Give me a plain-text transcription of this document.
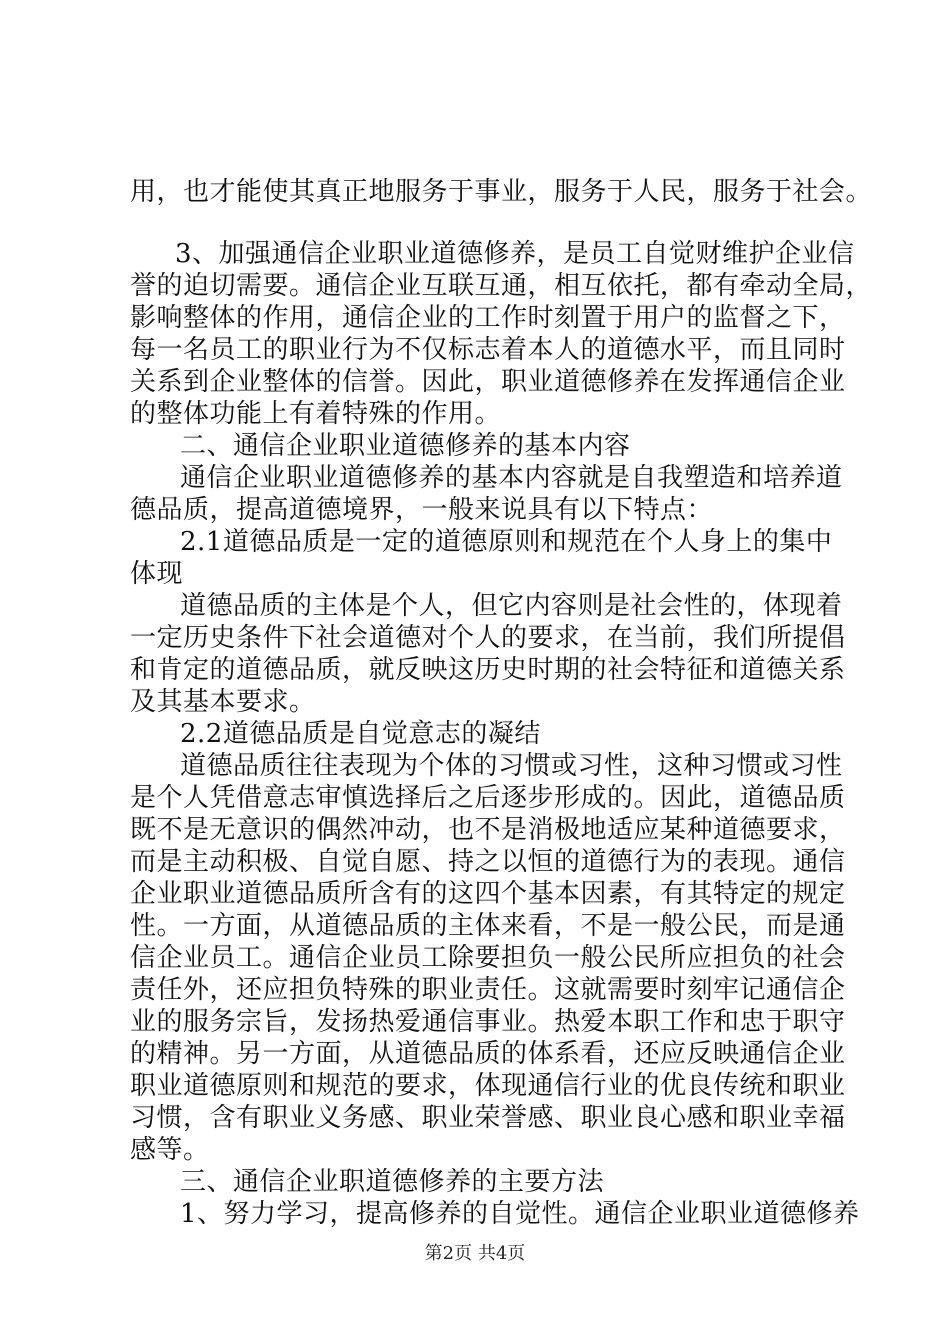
用，也才能使其真正地服务于事业，服务于人民，服务于社会。
3、加强通信企业职业道德修养，是员工自觉财维护企业信
誉的迫切需要。通信企业互联互通，相互依托，都有牵动全局，
影响整体的作用，通信企业的工作时刻置于用户的监督之下，
每一名员工的职业行为不仅标志着本人的道德水平，而且同时
关系到企业整体的信誉。因此，职业道德修养在发挥通信企业
的整体功能上有着特殊的作用。
二、通信企业职业道德修养的基本内容
通信企业职业道德修养的基本内容就是自我塑造和培养道
德品质，提高道德境界，一般来说具有以下特点：
2.1道德品质是一定的道德原则和规范在个人身上的集中
体现
道德品质的主体是个人，但它内容则是社会性的，体现着
一定历史条件下社会道德对个人的要求，在当前，我们所提倡
和肯定的道德品质，就反映这历史时期的社会特征和道德关系
及其基本要求。
2.2道德品质是自觉意志的凝结
道德品质往往表现为个体的习惯或习性，这种习惯或习性
是个人凭借意志审慎选择后之后逐步形成的。因此，道德品质
既不是无意识的偶然冲动，也不是消极地适应某种道德要求，
而是主动积极、自觉自愿、持之以恒的道德行为的表现。通信
企业职业道德品质所含有的这四个基本因素，有其特定的规定
性。一方面，从道德品质的主体来看，不是一般公民，而是通
信企业员工。通信企业员工除要担负一般公民所应担负的社会
责任外，还应担负特殊的职业责任。这就需要时刻牢记通信企
业的服务宗旨，发扬热爱通信事业。热爱本职工作和忠于职守
的精神。另一方面，从道德品质的体系看，还应反映通信企业
职业道德原则和规范的要求，体现通信行业的优良传统和职业
习惯，含有职业义务感、职业荣誉感、职业良心感和职业幸福
感等。
三、通信企业职道德修养的主要方法
1、努力学习，提高修养的自觉性。通信企业职业道德修养
第2页 共4页
